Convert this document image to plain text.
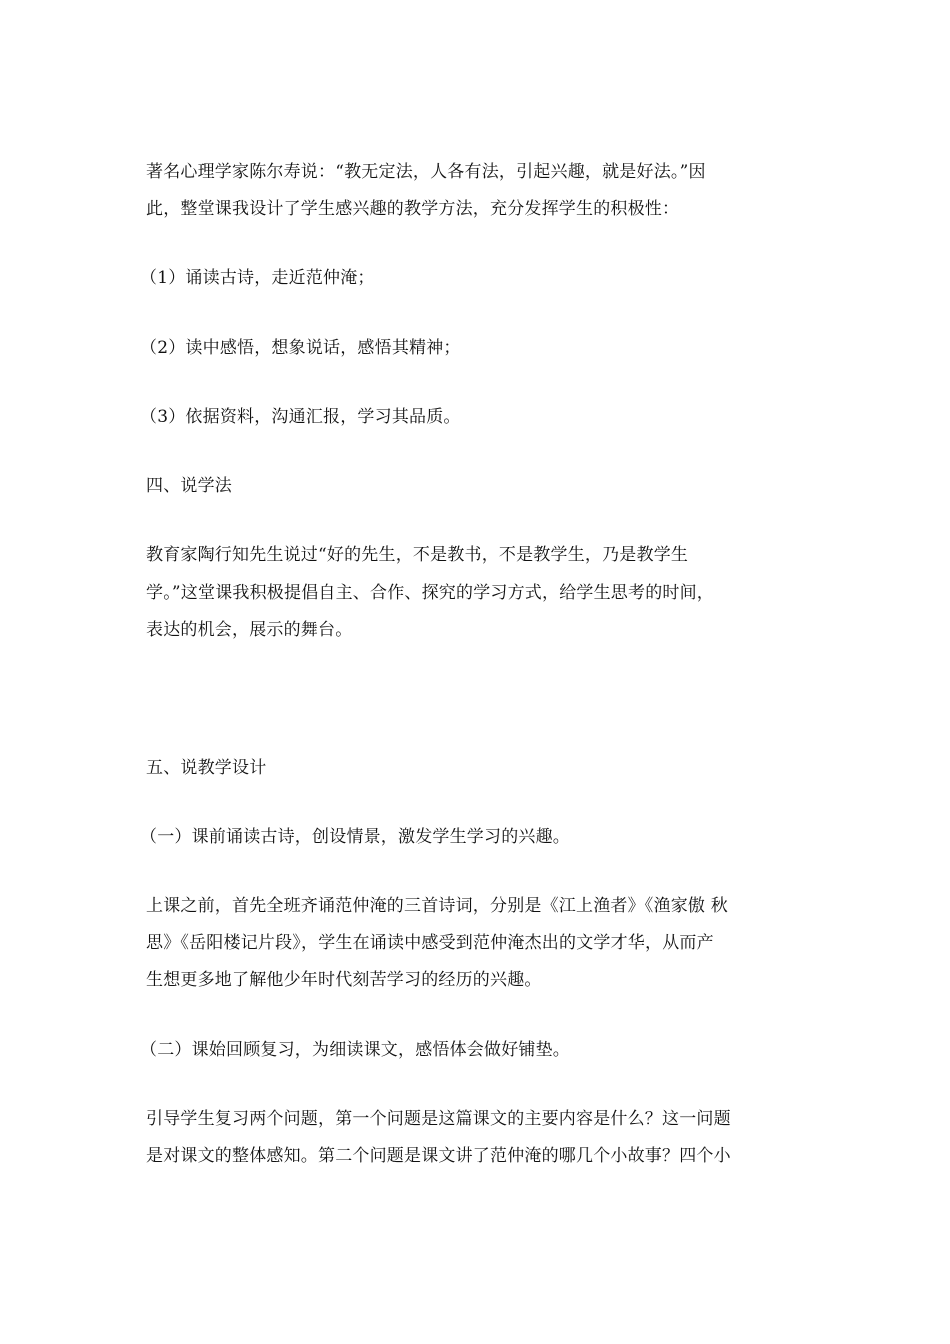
著名心理学家陈尔寿说：“教无定法，人各有法，引起兴趣，就是好法。”因
此，整堂课我设计了学生感兴趣的教学方法，充分发挥学生的积极性：
（1）诵读古诗，走近范仲淹；
（2）读中感悟，想象说话，感悟其精神；
（3）依据资料，沟通汇报，学习其品质。
四、说学法
教育家陶行知先生说过“好的先生，不是教书，不是教学生，乃是教学生
学。”这堂课我积极提倡自主、合作、探究的学习方式，给学生思考的时间，
表达的机会，展示的舞台。
五、说教学设计
（一）课前诵读古诗，创设情景，激发学生学习的兴趣。
上课之前，首先全班齐诵范仲淹的三首诗词，分别是《江上渔者》《渔家傲 秋
思》《岳阳楼记片段》，学生在诵读中感受到范仲淹杰出的文学才华，从而产
生想更多地了解他少年时代刻苦学习的经历的兴趣。
（二）课始回顾复习，为细读课文，感悟体会做好铺垫。
引导学生复习两个问题，第一个问题是这篇课文的主要内容是什么？这一问题
是对课文的整体感知。第二个问题是课文讲了范仲淹的哪几个小故事？四个小
